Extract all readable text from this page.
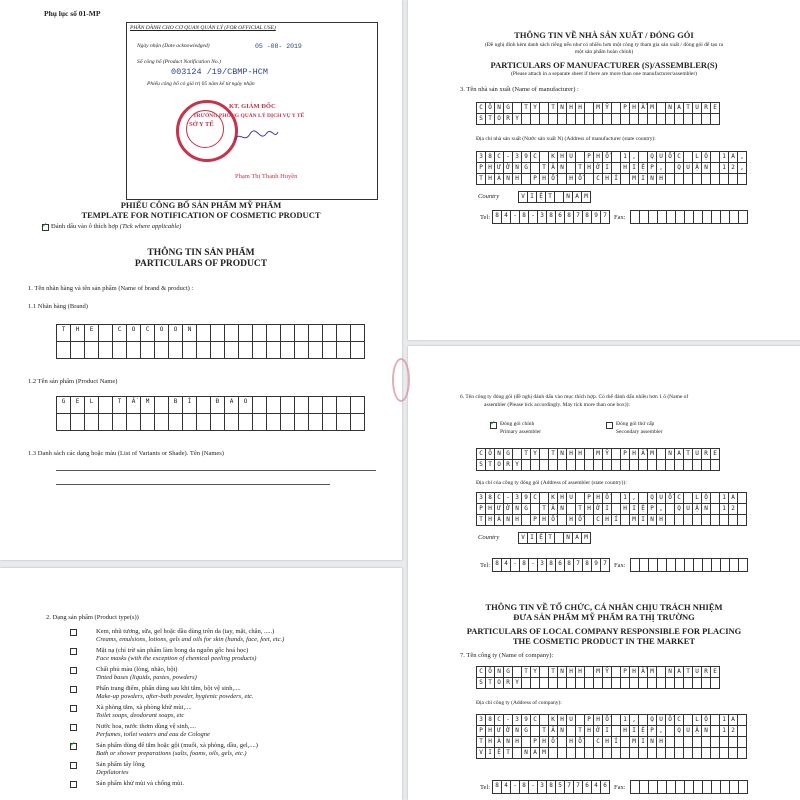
Phụ lục số 01-MP
PHẦN DÀNH CHO CƠ QUAN QUẢN LÝ (FOR OFFICIAL USE)
Ngày nhận (Date acknowledged)	05 -08- 2019
Số công bố (Product Notification No.)
003124 /19/CBMP-HCM
Phiếu công bố có giá trị 05 năm kể từ ngày nhận
KT. GIÁM ĐỐC
TRƯỞNG PHÒNG QUẢN LÝ DỊCH VỤ Y TẾ
Phạm Thị Thanh Huyền
SỞ Y TẾ
PHIẾU CÔNG BỐ SẢN PHẨM MỸ PHẨM
TEMPLATE FOR NOTIFICATION OF COSMETIC PRODUCT
✓
Đánh dấu vào ô thích hợp (Tick where applicable)
THÔNG TIN SẢN PHẨM
PARTICULARS OF PRODUCT
1. Tên nhãn hàng và tên sản phẩm (Name of brand & product) :
1.1 Nhãn hàng (Brand)
T	H	E	C	O	C	O	O	N
1.2 Tên sản phẩm (Product Name)
G	E	L	T	Ắ	M	B	Í	Đ	A	O
1.3 Danh sách các dạng hoặc màu (List of Variants or Shade). Tên (Names)
THÔNG TIN VỀ NHÀ SẢN XUẤT / ĐÓNG GÓI
(Đề nghị đính kèm danh sách riêng nếu như có nhiều hơn một công ty tham gia sản xuất / đóng gói để tạo ra
một sản phẩm hoàn chỉnh)
PARTICULARS OF MANUFACTURER (S)/ASSEMBLER(S)
(Please attach in a separate sheet if there are more than one manufacturer/assembler)
3. Tên nhà sản xuất (Name of manufacturer) :
C Ô N G	T Y	T N H H	M Ỹ	P H Ẩ M	N A T U R E
S T O R Y
Địa chỉ nhà sản xuất (Nước sản xuất N) (Address of manufacturer (state country):
3 8 C - 3 9 C	K H U	P H Ố	1 ,	Q U Ố C	L Ộ	1 A ,
P H Ư Ờ N G	T Â N	T H Ớ I	H I Ệ P ,	Q U Ậ N	1 2 ,
T H À N H	P H Ố	H Ồ	C H Í	M I N H
Country	V I Ệ T	N A M
Tel: 8 4 - 8 - 3 8 6 8 7 8 9 7	Fax:
6. Tên công ty đóng gói (đề nghị đánh dấu vào mục thích hợp. Có thể đánh dấu nhiều hơn 1 ô (Name of
assembler (Please tick accordingly. May tick more than one box)):
✓
Đóng gói chính
Primary assembler
Đóng gói thứ cấp
Secondary assembler
C Ô N G	T Y	T N H H	M Ỹ	P H Ẩ M	N A T U R E
S T O R Y
Địa chỉ của công ty đóng gói (Address of assembler (state country)):
3 8 C - 3 9 C	K H U	P H Ố	1 ,	Q U Ố C	L Ộ	1 A
P H Ư Ờ N G	T Â N	T H Ớ I	H I Ệ P ,	Q U Ậ N	1 2
T H À N H	P H Ố	H Ồ	C H Í	M I N H
Country	V I Ệ T	N A M
Tel: 8 4 - 8 - 3 8 6 8 7 8 9 7	Fax:
THÔNG TIN VỀ TỔ CHỨC, CÁ NHÂN CHỊU TRÁCH NHIỆM
ĐƯA SẢN PHẨM MỸ PHẨM RA THỊ TRƯỜNG
PARTICULARS OF LOCAL COMPANY RESPONSIBLE FOR PLACING
THE COSMETIC PRODUCT IN THE MARKET
7. Tên công ty (Name of company):
C Ô N G	T Y	T N H H	M Ỹ	P H Ẩ M	N A T U R E
S T O R Y
Địa chỉ công ty (Address of company):
3 8 C - 3 9 C	K H U	P H Ố	1 ,	Q U Ố C	L Ộ	1 A
P H Ư Ờ N G	T Â N	T H Ớ I	H I Ệ P ,	Q U Ậ N	1 2
T H À N H	P H Ố	H Ồ	C H Í	M I N H
V I Ệ T	N A M
Tel: 8 4 - 8 - 3 8 5 7 7 6 4 6	Fax:
2. Dạng sản phẩm (Product type(s))
Kem, nhũ tương, sữa, gel hoặc dầu dùng trên da (tay, mặt, chân, .....)
Creams, emulsions, lotions, gels and oils for skin (hands, face, feet, etc.)
Mặt nạ (chỉ trừ sản phẩm làm bong da nguồn gốc hoá học)
Face masks (with the exception of chemical peeling products)
Chất phủ màu (lỏng, nhão, bột)
Tinted bases (liquids, pastes, powders)
Phấn trang điểm, phấn dùng sau khi tắm, bột vệ sinh,....
Make-up powders, after-bath powder, hygienic powders, etc.
Xà phòng tắm, xà phòng khử mùi,....
Toilet soaps, deodorant soaps, etc
Nước hoa, nước thơm dùng vệ sinh,....
Perfumes, toilet waters and eau de Cologne
✓
Sản phẩm dùng để tắm hoặc gội (muối, xà phòng, dầu, gel,....)
Bath or shower preparations (salts, foams, oils, gels, etc.)
Sản phẩm tẩy lông
Depilatories
Sản phẩm khử mùi và chống mùi.
